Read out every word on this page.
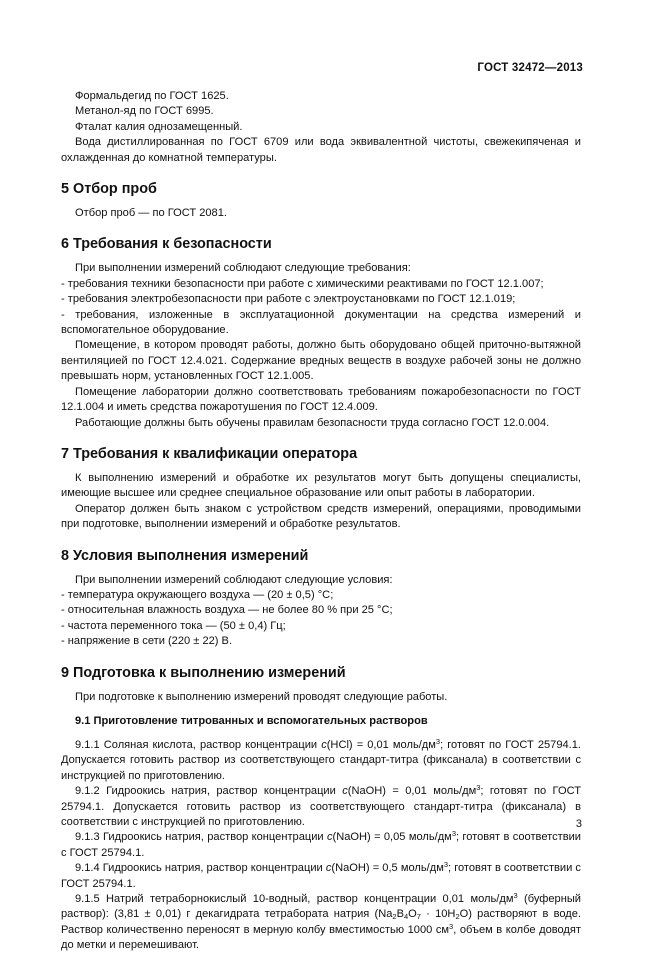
ГОСТ 32472—2013

Формальдегид по ГОСТ 1625.

Метанол-яд по ГОСТ 6995.

Фталат калия однозамещенный.

Вода дистиллированная по ГОСТ 6709 или вода эквивалентной чистоты, свежекипяченая и охлажденная до комнатной температуры.

5 Отбор проб

Отбор проб — по ГОСТ 2081.

6 Требования к безопасности

При выполнении измерений соблюдают следующие требования:

- требования техники безопасности при работе с химическими реактивами по ГОСТ 12.1.007;

- требования электробезопасности при работе с электроустановками по ГОСТ 12.1.019;

- требования, изложенные в эксплуатационной документации на средства измерений и вспомогательное оборудование.

Помещение, в котором проводят работы, должно быть оборудовано общей приточно-вытяжной вентиляцией по ГОСТ 12.4.021. Содержание вредных веществ в воздухе рабочей зоны не должно превышать норм, установленных ГОСТ 12.1.005.

Помещение лаборатории должно соответствовать требованиям пожаробезопасности по ГОСТ 12.1.004 и иметь средства пожаротушения по ГОСТ 12.4.009.

Работающие должны быть обучены правилам безопасности труда согласно ГОСТ 12.0.004.

7 Требования к квалификации оператора

К выполнению измерений и обработке их результатов могут быть допущены специалисты, имеющие высшее или среднее специальное образование или опыт работы в лаборатории.

Оператор должен быть знаком с устройством средств измерений, операциями, проводимыми при подготовке, выполнении измерений и обработке результатов.

8 Условия выполнения измерений

При выполнении измерений соблюдают следующие условия:

- температура окружающего воздуха — (20 ± 0,5) °С;

- относительная влажность воздуха — не более 80 % при 25 °С;

- частота переменного тока — (50 ± 0,4) Гц;

- напряжение в сети (220 ± 22) В.

9 Подготовка к выполнению измерений

При подготовке к выполнению измерений проводят следующие работы.

9.1 Приготовление титрованных и вспомогательных растворов

9.1.1 Соляная кислота, раствор концентрации c(HCl) = 0,01 моль/$дм^3$; готовят по ГОСТ 25794.1. Допускается готовить раствор из соответствующего стандарт-титра (фиксанала) в соответствии с инструкцией по приготовлению.

9.1.2 Гидроокись натрия, раствор концентрации c(NaOH) = 0,01 моль/$дм^3$; готовят по ГОСТ 25794.1. Допускается готовить раствор из соответствующего стандарт-титра (фиксанала) в соответствии с инструкцией по приготовлению.

9.1.3 Гидроокись натрия, раствор концентрации c(NaOH) = 0,05 моль/$дм^3$; готовят в соответствии с ГОСТ 25794.1.

9.1.4 Гидроокись натрия, раствор концентрации c(NaOH) = 0,5 моль/$дм^3$; готовят в соответствии с ГОСТ 25794.1.

9.1.5 Натрий тетраборнокислый 10-водный, раствор концентрации 0,01 моль/$дм^3$ (буферный раствор): (3,81 ± 0,01) г декагидрата тетрабората натрия $(Na_2B_4O_7 \cdot 10H_2O)$ растворяют в воде. Раствор количественно переносят в мерную колбу вместимостью 1000 $см^3$, объем в колбе доводят до метки и перемешивают.

3
